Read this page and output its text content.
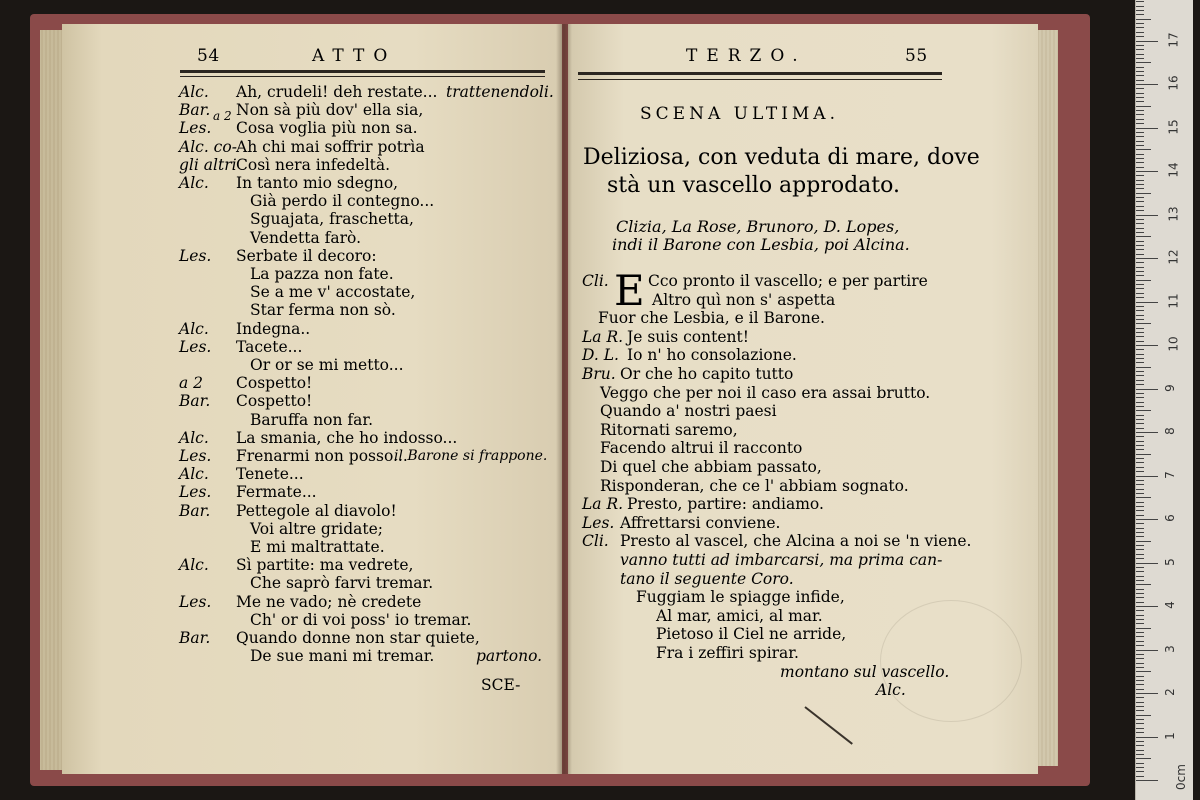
54	ATTO
Alc. Ah, crudeli! deh restate... trattenendoli.
Bar. a 2 Non sà più dov' ella sia,
Les. Cosa voglia più non sa.
Alc. co- Ah chi mai soffrir potrìa
gli altri Così nera infedeltà.
Alc. In tanto mio sdegno,
Già perdo il contegno...
Sguajata, fraschetta,
Vendetta farò.
Les. Serbate il decoro:
La pazza non fate.
Se a me v' accostate,
Star ferma non sò.
Alc. Indegna..
Les. Tacete...
Or or se mi metto...
a 2 Cospetto!
Bar. Cospetto!
Baruffa non far.
Alc. La smania, che ho indosso...
Les. Frenarmi non posso...
il Barone si frappone.
Alc. Tenete...
Les. Fermate...
Bar. Pettegole al diavolo!
Voi altre gridate;
E mi maltrattate.
Alc. Sì partite: ma vedrete,
Che saprò farvi tremar.
Les. Me ne vado; nè credete
Ch' or di voi poss' io tremar.
Bar. Quando donne non star quiete,
De sue mani mi tremar.	partono.
SCE-
TERZO.	55
SCENA ULTIMA.
Deliziosa, con veduta di mare, dove
stà un vascello approdato.
Clizia, La Rose, Brunoro, D. Lopes,
indi il Barone con Lesbia, poi Alcina.
E
Cli.	Cco pronto il vascello; e per partire
Altro quì non s' aspetta
Fuor che Lesbia, e il Barone.
La R. Je suis content!
D. L. Io n' ho consolazione.
Bru. Or che ho capito tutto
Veggo che per noi il caso era assai brutto.
Quando a' nostri paesi
Ritornati saremo,
Facendo altrui il racconto
Di quel che abbiam passato,
Risponderan, che ce l' abbiam sognato.
La R. Presto, partire: andiamo.
Les. Affrettarsi conviene.
Cli. Presto al vascel, che Alcina a noi se 'n viene.
vanno tutti ad imbarcarsi, ma prima can-
tano il seguente Coro.
Fuggiam le spiagge infide,
Al mar, amici, al mar.
Pietoso il Ciel ne arride,
Fra i zeffiri spirar.
montano sul vascello.
Alc.
1
2
3
4
5
6
7
8
9
10
11
12
13
14
15
16
17
0cm
